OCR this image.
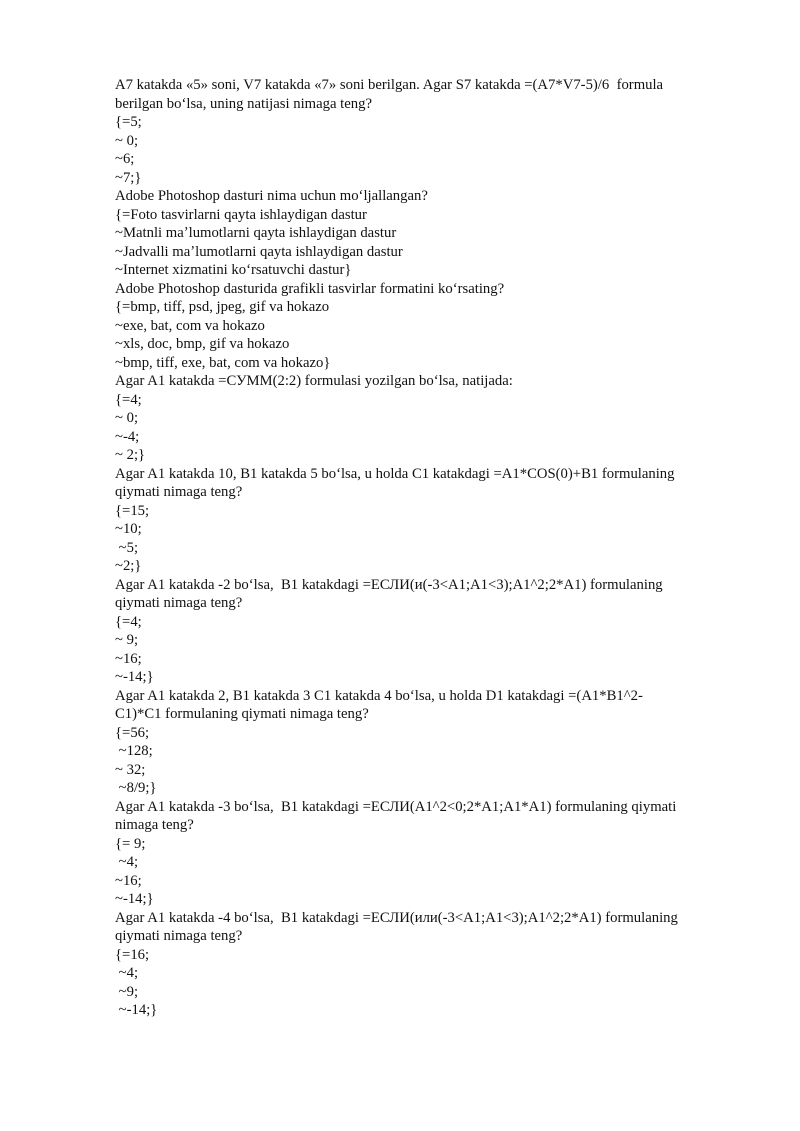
A7 katakda «5» soni, V7 katakda «7» soni berilgan. Agar S7 katakda =(A7*V7-5)/6  formula
berilgan boʻlsa, uning natijasi nimaga teng?
{=5;
~ 0;
~6;
~7;}
Adobe Photoshop dasturi nima uchun moʻljallangan?
{=Foto tasvirlarni qayta ishlaydigan dastur
~Matnli maʼlumotlarni qayta ishlaydigan dastur
~Jadvalli maʼlumotlarni qayta ishlaydigan dastur
~Internet xizmatini koʻrsatuvchi dastur}
Adobe Photoshop dasturida grafikli tasvirlar formatini koʻrsating?
{=bmp, tiff, psd, jpeg, gif va hokazo
~exe, bat, com va hokazo
~xls, doc, bmp, gif va hokazo
~bmp, tiff, exe, bat, com va hokazo}
Agar A1 katakda =СУММ(2:2) formulasi yozilgan boʻlsa, natijada:
{=4;
~ 0;
~-4;
~ 2;}
Agar A1 katakda 10, B1 katakda 5 boʻlsa, u holda C1 katakdagi =A1*COS(0)+B1 formulaning
qiymati nimaga teng?
{=15;
~10;
~5;
~2;}
Agar A1 katakda -2 boʻlsa,  B1 katakdagi =ЕСЛИ(и(-3<A1;A1<3);A1^2;2*A1) formulaning
qiymati nimaga teng?
{=4;
~ 9;
~16;
~-14;}
Agar A1 katakda 2, B1 katakda 3 C1 katakda 4 boʻlsa, u holda D1 katakdagi =(A1*B1^2-
C1)*C1 formulaning qiymati nimaga teng?
{=56;
~128;
~ 32;
~8/9;}
Agar A1 katakda -3 boʻlsa,  B1 katakdagi =ЕСЛИ(A1^2<0;2*A1;A1*A1) formulaning qiymati
nimaga teng?
{= 9;
~4;
~16;
~-14;}
Agar A1 katakda -4 boʻlsa,  B1 katakdagi =ЕСЛИ(или(-3<A1;A1<3);A1^2;2*A1) formulaning
qiymati nimaga teng?
{=16;
~4;
~9;
~-14;}
